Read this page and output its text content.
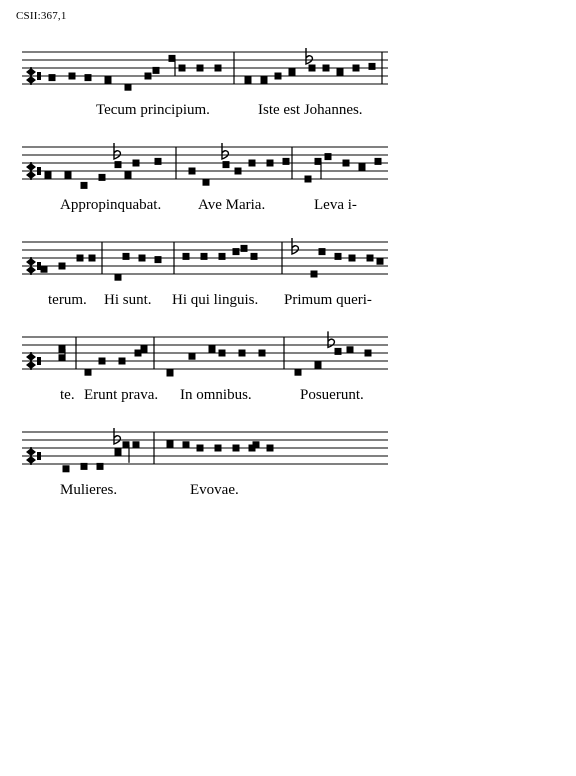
CSII:367,1
Tecum principium.	Iste est Johannes.
Appropinquabat. Ave Maria.	Leva i-
terum. Hi sunt. Hi qui linguis. Primum queri-
te. Erunt prava. In omnibus.	Posuerunt.
Mulieres.	Evovae.
